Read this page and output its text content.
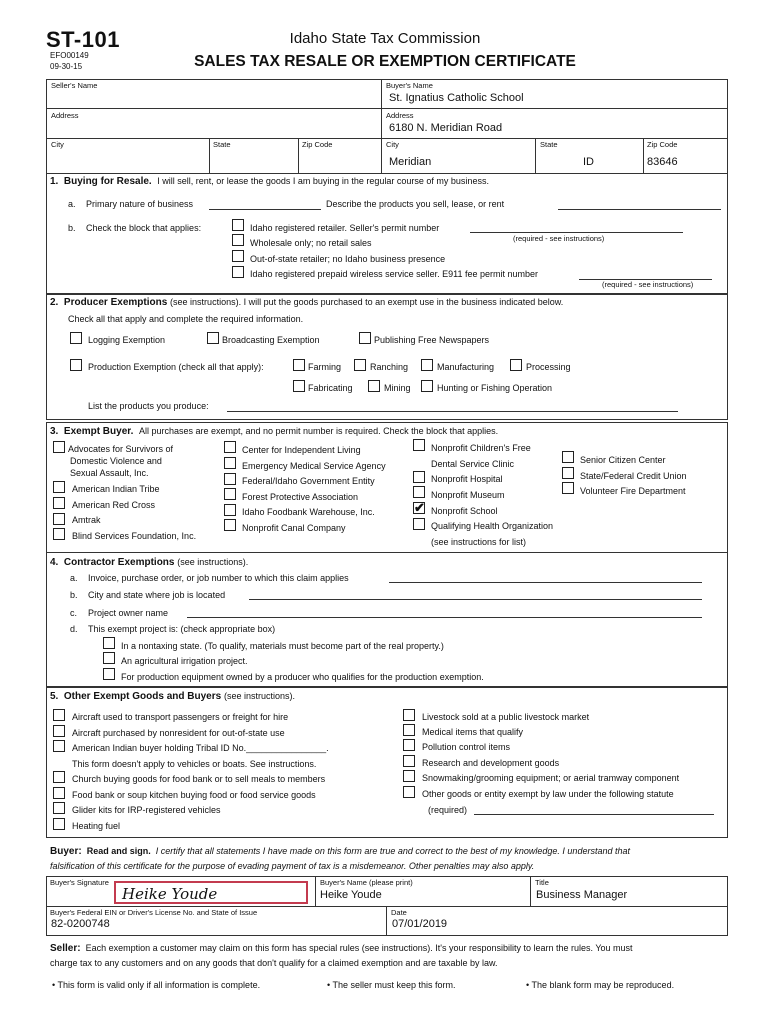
ST-101
EFO00149
09-30-15
Idaho State Tax Commission
SALES TAX RESALE OR EXEMPTION CERTIFICATE
Seller's Name
Address
City	State	Zip Code
Buyer's Name
St. Ignatius Catholic School
Address
6180 N. Meridian Road
City
Meridian
State
ID
Zip Code
83646
1. Buying for Resale. I will sell, rent, or lease the goods I am buying in the regular course of my business.
a. Primary nature of business	Describe the products you sell, lease, or rent
b. Check the block that applies:	Idaho registered retailer. Seller's permit number
(required - see instructions)
Wholesale only; no retail sales
Out-of-state retailer; no Idaho business presence
Idaho registered prepaid wireless service seller. E911 fee permit number
(required - see instructions)
2. Producer Exemptions (see instructions). I will put the goods purchased to an exempt use in the business indicated below.
Check all that apply and complete the required information.
Logging Exemption	Broadcasting Exemption	Publishing Free Newspapers
Production Exemption (check all that apply):	Farming	Ranching	Manufacturing	Processing
Fabricating	Mining	Hunting or Fishing Operation
List the products you produce:
3. Exempt Buyer. All purchases are exempt, and no permit number is required. Check the block that applies.
Advocates for Survivors of
Domestic Violence and
Sexual Assault, Inc.
American Indian Tribe
American Red Cross
Amtrak
Blind Services Foundation, Inc.
Center for Independent Living
Emergency Medical Service Agency
Federal/Idaho Government Entity
Forest Protective Association
Idaho Foodbank Warehouse, Inc.
Nonprofit Canal Company
Nonprofit Children's Free
Dental Service Clinic
Nonprofit Hospital
Nonprofit Museum
✔ Nonprofit School
Qualifying Health Organization
(see instructions for list)
Senior Citizen Center
State/Federal Credit Union
Volunteer Fire Department
4. Contractor Exemptions (see instructions).
a. Invoice, purchase order, or job number to which this claim applies
b. City and state where job is located
c. Project owner name
d. This exempt project is: (check appropriate box)
In a nontaxing state. (To qualify, materials must become part of the real property.)
An agricultural irrigation project.
For production equipment owned by a producer who qualifies for the production exemption.
5. Other Exempt Goods and Buyers (see instructions).
Aircraft used to transport passengers or freight for hire
Aircraft purchased by nonresident for out-of-state use
American Indian buyer holding Tribal ID No.________________.
This form doesn't apply to vehicles or boats. See instructions.
Church buying goods for food bank or to sell meals to members
Food bank or soup kitchen buying food or food service goods
Glider kits for IRP-registered vehicles
Heating fuel
Livestock sold at a public livestock market
Medical items that qualify
Pollution control items
Research and development goods
Snowmaking/grooming equipment; or aerial tramway component
Other goods or entity exempt by law under the following statute
(required)
Buyer: Read and sign. I certify that all statements I have made on this form are true and correct to the best of my knowledge. I understand that
falsification of this certificate for the purpose of evading payment of tax is a misdemeanor. Other penalties may also apply.
Buyer's Signature
Heike Youde
Buyer's Name (please print)
Heike Youde
Title
Business Manager
Buyer's Federal EIN or Driver's License No. and State of Issue
82-0200748
Date
07/01/2019
Seller: Each exemption a customer may claim on this form has special rules (see instructions). It's your responsibility to learn the rules. You must
charge tax to any customers and on any goods that don't qualify for a claimed exemption and are taxable by law.
• This form is valid only if all information is complete.	• The seller must keep this form.	• The blank form may be reproduced.
